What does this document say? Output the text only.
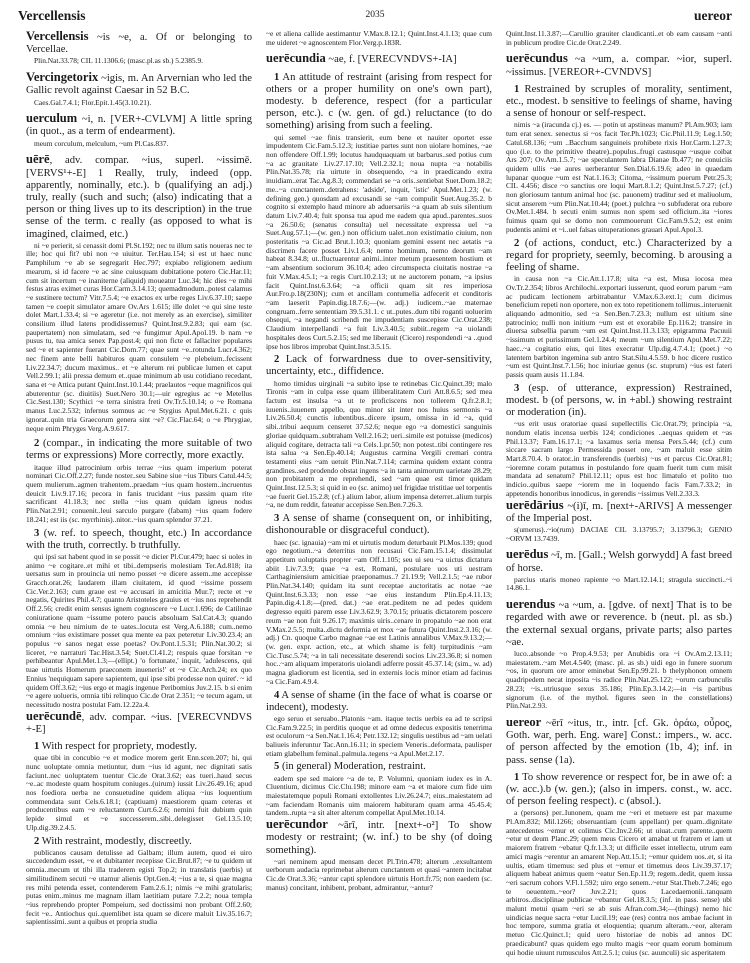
Vercellensis	2035	uereor
Vercellensis ~is ~e, a. Of or belonging to Vercellae.
Plin.Nat.33.78; CIL 11.1306.6; (masc.pl.as sb.) 5.2385.9.
Vercingetorix ~igis, m. An Arvernian who led the Gallic revolt against Caesar in 52 B.C.
Caes.Gal.7.4.1; Flor.Epit.1.45(3.10.21).
uerculum ~i, n. [VER+-CVLVM] A little spring (in quot., as a term of endearment).
meum corculum, melculum, ~um Pl.Cas.837.
uērē, adv. compar. ~ius, superl. ~issimē. [VERVS¹+-E] 1 Really, truly, indeed (opp. apparently, nominally, etc.). b (qualifying an adj.) truly, really (such and such; (also) indicating that a person or thing lives up to its description) in the true sense of the term. c really (as opposed to what is imagined, claimed, etc.)
ni ~e perierit, si cenassit domi Pl.St.192; nec tu illum satis noueras nec te ille; hoc qui fit? ubi non ~e uiuitur. Ter.Hau.154; si est ut haec nunc Pamphilum ~e ab se segregarit Hec.797; expiabo religionem aedium mearum, si id facere ~e ac sine cuiusquam dubitatione potero Cic.Har.11; cum sit incertum ~e inaniterne (aliquid) moueatur Luc.34; hic dies ~e mihi festus atras eximet curas Hor.Carm.3.14.13; quemadmodum..potest calamus ~e sustinere tectum? Vitr.7.5.4; ~e exactos ex urbe reges Liv.6.37.10; saepe tamen ~e coepit simulator amare Ov.Ars 1.615; ille dolet ~e qui sine teste dolet Mart.1.33.4; si ~e ageretur (i.e. not merely as an exercise), similiter consilium illud latens prodidissemus? Quint.Inst.9.2.83; qui eam (sc. paupertatem) non simulatam, sed ~e fungimur Apul.Apol.19. b nam ~e pusus tu, tua amica senex Pap.post.4; qui non ficte et fallaciter populares sed ~e et sapienter fuerant Cic.Dom.77; quae sunt ~e..rotunda Lucr.4.362; nec finem ante belli habituros quam consulem ~e plebeium..fecissent Liv.22.34.7; ducum maximus.. et ~e alterum rei publicae lumen et caput Vell.2.99.1; alii pressa demum et..quae minimum ab usu cotidiano recedant, sana et ~e Attica putant Quint.Inst.10.1.44; praelautos ~eque magnificos qui abuterentur (sc. diuitiis) Suet.Nero 30.1;—uir egregius ac ~e Metellus Cic.Sest.130; Scythici ~e terra sinistra freti Ov.Tr.5.10.14; o ~e Romana manus Luc.2.532; infernus somnus ac ~e Stygius Apul.Met.6.21. c quis ignorat..quin tria Graecorum genera sint ~e? Cic.Flac.64; o ~e Phrygiae, neque enim Phryges Verg.A.9.617.
2 (compar., in indicating the more suitable of two terms or expressions) More correctly, more exactly.
itaque illud patrocinium orbis terrae ~ius quam imperium poterat nominari Cic.Off.2.27; funde noster..seu Sabine siue ~ius Tiburs Catul.44.5; quem mulierum..agmen trahentem..praedam ~ius quam hostem..incruentus deuicit Liv.9.17.16; pecora in fanis trucidant ~ius passim quam rite sacrificant 41.18.3; nec stella ~ius quam quidam igneus nodus Plin.Nat.2.91; conuenit..leui sarculo purgare (fabam) ~ius quam fodere 18.241; est iis (sc. myrrhinis)..nitor..~ius quam splendor 37.21.
3 (w. ref. to speech, thought, etc.) In accordance with the truth, correctly. b truthfully.
qui ipsi sat habent quod in se possit ~e dicier Pl.Cur.479; haec si uoles in animo ~e cogitare..et mihi et tibi..dempseris molestiam Ter.Ad.818; ita uersatus sum in prouincia uti nemo posset ~e dicere assem..me accepisse Gracch.orat.26; laudarem illam ciuitatem, id quod ~issime possem Cic.Ver.2.163; cum graue est ~e accusari in amicitia Mur.7; recte et ~e negatis, Quirites Phil.4.7; quanto Aristoteles grauius et ~ius nos reprehendit Off.2.56; credit enim sensus ignem cognoscere ~e Lucr.1.696; de Catilinae coniuratione quam ~issume potero paucis absoluam Sal.Cat.4.3; quando omnia ~e heu nimium de te uates..locuta est Verg.A.6.188; cum..nemo omnium ~ius existimare posset qua mente ea pax peteretur Liv.30.23.4; an populus ~e sanos negat esse poetas? Ov.Pont.1.5.31; Plin.Nat.30.2; si liceret, ~e narraturi Tac.Hist.3.54; Suet.Cl.41.2; respuis quae forsitan ~e perhibeantur Apul.Met.1.3;—(ellipt.) 'o fortunate,' inquit, 'adulescens, qui tuae uirtutis Homerum praeconem inueneris!' et ~e Cic.Arch.24; ex quo Ennius 'nequiquam sapere sapientem, qui ipse sibi prodesse non quiret'. ~ id quidem Off.3.62; ~ius ergo et magis ingenue Peribomius Juv.2.15. b si enim ~e agere uolueris, omnia tibi relinquo Cic.de Orat 2.351; ~e tecum agam, ut necessitudo nostra postulat Fam.12.22a.4.
uerēcundē, adv. compar. ~ius. [VERECVNDVS +-E]
1 With respect for propriety, modestly.
quae tibi in concubio ~e et modice morem gerit Enn.scen.207; hi, qui nunc uoluptate omnia metiuntur, dum ~ius id agunt, nec dignitati satis faciunt..nec uoluptatem tuentur Cic.de Orat.3.62; eas tueri..haud secus ~e..ac modeste quam hospitum coniuges..(uirum) iussit Liv.26.49.16; apud nos foediora uerba ne consuetudine quidem aliqua ~ius loquentium commendata sunt Cels.6.18.1; (captiuam) maestiorem quam ceteras et producentibus eam ~e reluctantem Curt.6.2.6; nemini fuit dubium quin lepide simul et ~e successerem..sibi..delegisset Gel.13.5.10; Ulp.dig.39.2.4.5.
2 With restraint, modestly, discreetly.
publicanos causam detulisse ad Galbam; illum autem, quod ei uiro succedendum esset, ~e et dubitanter recepisse Cic.Brut.87; ~e tu quidem ut omnia..mecum ut tibi illa traderem egisti Top.2; in translatis (uerbis) ut similitudinem secuti ~e utamur alienis Opt.Gen.4; ~ius a te, si quae magna res mihi petenda esset, contenderem Fam.2.6.1; nimis ~e mihi gratularis; putas enim..minus me magnam illam laetitiam putare 7.2.2; noua templa ~ius reprehendo propter Pompeium, sed doctissimi non probant Off.2.60; fecit ~e.. Antiochus qui..quemlibet ista quam se dicere maluit Liv.35.16.7; sapientissimi..sunt a quibus et propria studia
~e et aliena callide aestimantur V.Max.8.12.1; Quint.Inst.4.1.13; quae cum me uideret ~e agnoscentem Flor.Verg.p.183R.
uerēcundia ~ae, f. [VERECVNDVS+-IA]
1 An attitude of restraint (arising from respect for others or a proper humility on one's own part), modesty. b deference, respect (for a particular person, etc.). c (w. gen. of gd.) reluctance (to do something) arising from such a feeling.
qui semel ~ae finis transierit, eum bene et nauiter oportet esse impudentem Cic.Fam.5.12.3; iustitiae partes sunt non uiolare homines, ~ae non offendere Off.1.99; locutus haudquaquam ut barbarus..sed potius cum ~a ac grauitate Liv.27.17.10; Vell.2.32.1; noua nupta ~a notabilis Plin.Nat.35.78; ria uirtute in obsequendo, ~a in praedicando extra inuidiam..erat Tac.Ag.8.3; commendari se ~a oris..sentiebat Suet.Dom.18.2; me..~a cunctantem..detrahens: 'adside', inquit, 'istic' Apul.Met.1.23; (w. defining gen.) quosdam ad excusandi se ~am compulit Suet.Aug.35.2. b cognito si extemplo haud minore ab aduersariis ~a quam ab suis silentium datum Liv.7.40.4; fuit sponsa tua apud me eadem qua apud..parentes..suos ~a 26.50.6; (senatus consulta) uel necessitate expressa uel ~a Suet.Aug.57.1;—(w. gen.) non officium ualet..non existimatio ciuium, non posteritatis ~a Cic.ad Brut.1.10.3; quoniam gemini essent nec aetatis ~a discrimen facere posset Liv.1.6.4; nemo hominum, nemo deorum ~am habeat 8.34.8; ut..fluctuarentur animi..inter metum praesentem hostium et ~am absentium sociorum 36.10.4; adeo circumspecta ciuitatis nostrae ~a fuit V.Max.4.5.1; ~a regis Curt.10.2.13; ut ne auctorem ponam, ~a ipsius facit Quint.Inst.6.3.64; ~a officii quam sit res imperiosa Aur.Fro.p.18(230N); cum et ancillam contumelia adfecerit et conditoris ~am laeserit Papin.dig.18.7.6;—(w. adj.) iudicem..~ae maternae congruam..ferre sententiam 39.5.31.1. c ut..putes..dum tibi roganti uoluerim obsequi, ~a negandi scribendi me impudentiam suscepisse Cic.Orat.238; Claudium interpellandi ~a fuit Liv.3.40.5; subiit..regem ~a uiolandi hospitales deos Curt.5.2.15; sed me liberauit (Cicero) respondendi ~a ..quod ipse hos libros improbat Quint.Inst.3.5.15.
2 Lack of forwardness due to over-sensitivity, uncertainty, etc., diffidence.
homo timidus uirginali ~a subito ipse te retinebas Cic.Quinct.39; malo Tironis ~am in culpa esse quam illiberalitatem Curi Att.8.6.5; sed mea factum est insulsa ~a ut te proficiscens non tollerem Q.fr.2.8.1; iuuenis..iuuenem appello, quo minor sit inter nos huius sermonis ~a Liv.26.50.4; cunctis iubentibus..dicere ipsum, omissa in id ~a, quid sibi..tribui aequum censeret 37.52.6; neque ego ~a domestici sanguinis gloriae quidquam..subtraham Vell.2.16.2; ueri..simile est potuisse (medicos) aliquid cogitare, detracta tali ~a Cels.1.pr.50; non potest..tibi contingere res ista salua ~a Sen.Ep.40.14; Augustus carmina Vergili cremari contra testamenti eius ~am uetuit Plin.Nat.7.114; carmina quidem extant contra grandines..sed prodendo obstat ingens ~a in tanta animorum uarietate 28.29; non probitatem a me reprehendi, sed ~am quae est timor quidam Quint.Inst.12.5.3; si quid in eo (sc. animo) uel frigidae tristitiae uel torpentis ~ae fuerit Gel.15.2.8; (cf.) alium labor, alium impensa deterret..alium turpis ~a, ne dum reddit, fateatur accepisse Sen.Ben.7.26.3.
3 A sense of shame (consequent on, or inhibiting, dishonourable or disgraceful conduct).
haec (sc. ignauia) ~am mi et uirtutis modum deturbauit Pl.Mos.139; quod ego negotium..~a deterritus non recusaui Cic.Fam.15.1.4; dissimulat appetitum uoluptatis propter ~am Off.1.105; seu ui seu ~a uictus dictatura abiit Liv.7.3.9; quae ~a est, Romani, postulare uos uti uestram Carthaginiensium amicitiae praeponamus..? 21.19.9; Vell.2.1.5; ~ae rubor Plin.Nat.34.140; quidam ita sunt receptae auctoritatis ac notae ~ae Quint.Inst.6.3.33; non esse ~ae eius instandum Plin.Ep.4.11.13; Papin.dig.4.1.8;—(pred. dat.) ~ae erat..peditem ne ad pedes quidem degresso equiti parem esse Liv.3.62.9; 3.70.15; priuatis dictatorem poscere reum ~ae non fuit 9.26.17; maximis uiris..cenare in propatulo ~ae non erat V.Max.2.5.5; multa..dictu deformia et mox ~ae futura Quint.Inst.2.3.16; (w. adj.) Cn. quoque Carbo magnae ~ae est Latinis annalibus V.Max.9.13.2;—(w. gen. expr. action, etc., at which shame is felt) turpitudinis ~am Cic.Tusc.5.74; ~a in tali necessitate deserendi socios Liv.23.36.8; si nomen hoc..~am aliquam imperatoris uiolandi adferre possit 45.37.14; (sim., w. ad) magna gladiorum est licentia, sed in externis locis minor etiam ad facinus ~a Cic.Fam.4.9.4.
4 A sense of shame (in the face of what is coarse or indecent), modesty.
ego seruo et seruabo..Platonis ~am. itaque tectis uerbis ea ad te scripsi Cic.Fam.9.22.5; in perditis quoque et ad omne dedecus expositis tenerrima est oculorum ~a Sen.Nat.1.16.4; Petr.132.12; singulis uestibus ad ~am uelati baliueis inferuntur Tac.Ann.16.11; in speciem Veneris..deformata, paulisper etiam glabellum feminal..palmula..tegens ~a Apul.Met.2.17.
5 (in general) Moderation, restraint.
eadem spe sed maiore ~a de te, P. Volumni, quoniam iudex es in A. Cluentium, dicimus Cic.Clu.198; minore eam ~a et maiore cum fide uim maiestatemque populi Romani extollentes Liv.26.24.7; eius..maiestatem ad ~am faciendam Romanis uim maiorem habituram quam arma 45.45.4; tandem..rupta ~a sit alter alterum compellat Apul.Met.10.14.
uerēcundor ~ārī, intr. [next+-o²] To show modesty or restraint; (w. inf.) to be shy (of doing something).
~ari neminem apud mensam decet Pl.Trin.478; alterum ..exsultantem uerborum audacia reprimebat alterum cunctantem et quasi ~antem incitabat Cic.de Orat.3.36; ~antur capti splendore uirtutis Hort.fr.75; non eaedem (sc. manus) concitant, inhibent, probant, admirantur, ~antur?
Quint.Inst.11.3.87;—Carullio grauiter claudicanti..et ob eam causam ~anti in publicum prodire Cic.de Orat.2.249.
uerēcundus ~a ~um, a. compar. ~ior, superl. ~issimus. [VEREOR+-CVNDVS]
1 Restrained by scruples of morality, sentiment, etc., modest. b sensitive to feelings of shame, having a sense of honour or self-respect.
nimis ~a (iracunda cj.) es. — potin ut apstineas manum? Pl.Am.903; iam tum erat senex. senectus si ~os facit Ter.Ph.1023; Cic.Phil.11.9; Leg.1.50; Catul.68.136; ~um ..Bacchum sanguineis prohibete rixis Hor.Carm.1.27.3; quo (i.e. to the primitive theatre)..populus..frugi castusque ~usque coibat Ars 207; Ov.Am.1.5.7; ~ae speculantem labra Dianae Ib.477; ne conuiciis quidem ullis ~ae aures uerberantur Sen.Dial.6.19.6; adeo in quaedam lupanar quoque ~um est Nat.1.16.3; Citoma, ~issimum puerum Petr.25.3; CIL 4.456; disce ~o sanctius ore loqui Mart.8.1.2; Quint.Inst.5.7.27; (cf.) non gloriosum tantum animal hoc (sc. pauonem) traditur sed et maliuolum, sicut anserem ~um Plin.Nat.10.44; (poet.) pulchra ~o subfuderat ora rubore Ov.Met.1.484. b secuti enim sumus non spem sed officium..ita ~iores fuimus quam qui se domo non commouerunt Cic.Fam.9.5.2; est enim pudentis animi et ~i..uel falsas uituperationes grauari Apul.Apol.3.
2 (of actions, conduct, etc.) Characterized by a regard for propriety, seemly, becoming. b arousing a feeling of shame.
in causa non ~a Cic.Att.1.17.8; uita ~a est, Musa iocosa mea Ov.Tr.2.354; libros Archilochi..exportari iusserunt, quod eorum parum ~am ac pudicam lectionem arbitrabantur V.Max.6.3.ext.1; cum dicimus beneficium repeti non oportere, non ex toto repetitionem tollimus..interuenit aliquando admonitio, sed ~a Sen.Ben.7.23.3; nullum est uitium sine patrocinio; nulli non initium ~um est et exorabile Ep.116.2; transire in diuersa subsellia parum ~um est Quint.Inst.11.3.133; epigramma Pacuuii ~issimum et purissimum Gel.1.24.4; meum ~um silentium Apul.Met.7.22; haec..~a cogitatio eius, qui lites execratur Ulp.dig.4.7.4.1; (poet.) ~o latentem barbiton ingemina sub antro Stat.Silu.4.5.59. b hoc dicere rustico ~um est Quint.Inst.7.1.56; hoc iniuriae genus (sc. stuprum) ~ius est fateri passis quam ausis 11.1.84.
3 (esp. of utterance, expression) Restrained, modest. b (of persons, w. in +abl.) showing restraint or moderation (in).
~us erit usus oratoriae quasi supellectilis Cic.Orat.79; principia ~a, nondum elatis incensa uerbis 124; condiciones ..aequas quidem et ~as Phil.13.37; Fam.16.17.1; ~a laxamus seria mensa Pers.5.44; (cf.) cum siccare sacram largo Permessida posset ore, ~am maluit esse sitim Mart.8.70.4. b orator..in transferendis (uerbis) ~us et parcus Cic.Orat.81; ~ioremne coram putamus in postulando fore quam fuerit tum cum misit mandata ad senatum? Phil.12.11; opus est hoc limatulo et polito tuo indicio..quibus saepe ~iorem me in loquendo facis Fam.7.33.2; in appetendis honoribus innodicus, in gerendis ~issimus Vell.2.33.3.
uerēdārius ~(i)ī, m. [next+-ARIVS] A messenger of the Imperial post.
s(umerus)..~io(rum) DACIAE CIL 3.13795.7; 3.13796.3; GENIO ~ORVM 13.7439.
uerēdus ~ī, m. [Gall.; Welsh gorwydd] A fast breed of horse.
parcius utaris moneo rapiente ~o Mart.12.14.1; stragula succincti..~i 14.86.1.
uerendus ~a ~um, a. [gdve. of next] That is to be regarded with awe or reverence. b (neut. pl. as sb.) the external sexual organs, private parts; also partes ~ae.
luco..absonde ~o Prop.4.9.53; per Anubidis ora ~i Ov.Am.2.13.11; maiestatem..~am Met.4.540; (masc. pl. as sb.) uidi ego in funere suorum ~os, in quorum ore amor eminebat Sen.Ep.99.21. b thelyphonon omnem quadripedem necat inposita ~is radice Plin.Nat.25.122; ~orum carbunculis 28.23; ~is..utriusque sexus 35.186; Plin.Ep.3.14.2;—in ~is partibus signorum (i.e. of the mythol. figures seen in the constellations) Plin.Nat.2.93.
uereor ~ērī ~itus, tr., intr. [cf. Gk. ὁράω, οὖρος, Goth. war, perh. Eng. ware] Const.: impers., w. acc. of person affected by the emotion (1b, 4); inf. in pass. sense (1a).
1 To show reverence or respect for, be in awe of: a (w. acc.).b (w. gen.); (also in impers. const., w. acc. of person feeling respect). c (absol.).
a (persons) per..Iunonem, quam me ~eri et metuere est par maxume Pl.Am.832; Mil.1266; obseruantiam (cum appellant) per quam..dignitate antecedentes ~emur et colimus Cic.Inv.2.66; ut uiuat..cum parente..quem ~etur ut deum Planc.29; quem meus Cicero et amabat ut fratrem et iam ut maiorem fratrem ~ebatur Q.fr.1.3.3; ut difficile esset intellectu, utrum eam amici magis ~erentur an amarent Nep.Att.15.1; ~emur quidem uos..et, si ita uultis, etiam timemus: sed plus et ~emur et timemus deos Liv.39.37.17; aliquem habeat animus quem ~eatur Sen.Ep.11.9; regem..dedit, quem iussa ~eri sacrum cohors V.Fl.1.592; uiro ergo senem..~etur Stat.Theb.7.246; ego te oeuentem..~eor? Juv.2.21; quos Lacedaemonii..tanquam arbitros..disciplinae publicae ~ebantur Gel.18.3.5; (inf. in pass. sense) ubi malunt metui quam ~eri se ab suis Afran.com.34;—(things) nemo hic uindicias neque sacra ~etur Lucil.19; eae (res) contra nos ambae faciunt in hoc tempore, summa gratia et eloquentia; quarum alteram..~eor, alteram metuo Cic.Quinct.1; quid uero historiae de nobis ad annos DC praedicabunt? quas quidem ego multo magis ~eor quam eorum hominum qui hodie uiuunt rumusculos Att.2.5.1; cuius (sc. auunculi) sic asperitatem
